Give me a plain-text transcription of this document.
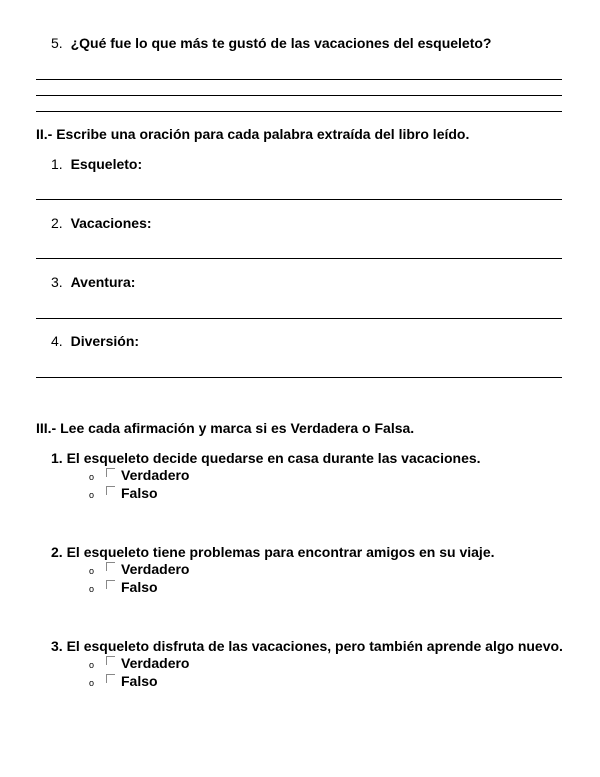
5. ¿Qué fue lo que más te gustó de las vacaciones del esqueleto?
II.- Escribe una oración para cada palabra extraída del libro leído.
1. Esqueleto:
2. Vacaciones:
3. Aventura:
4. Diversión:
III.- Lee cada afirmación y marca si es Verdadera o Falsa.
1. El esqueleto decide quedarse en casa durante las vacaciones.
o Verdadero
o Falso
2. El esqueleto tiene problemas para encontrar amigos en su viaje.
o Verdadero
o Falso
3. El esqueleto disfruta de las vacaciones, pero también aprende algo nuevo.
o Verdadero
o Falso
